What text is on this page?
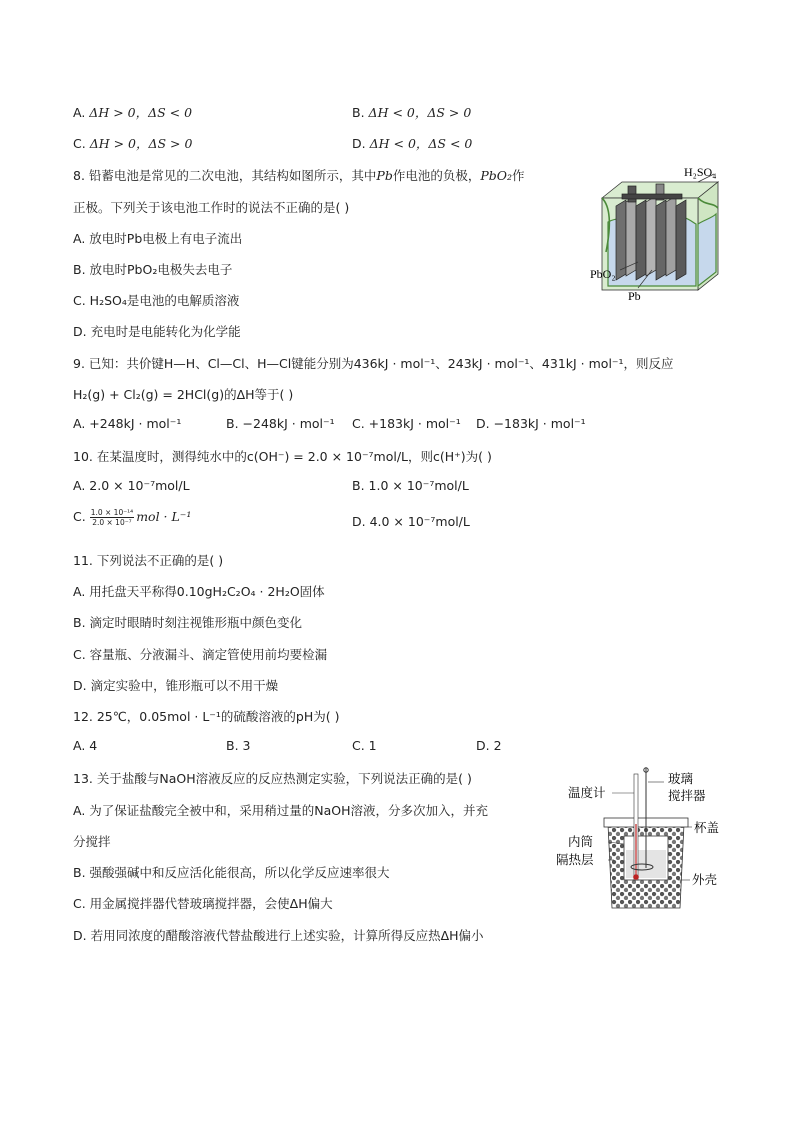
A. ΔH > 0，ΔS < 0	B. ΔH < 0，ΔS > 0
C. ΔH > 0，ΔS > 0	D. ΔH < 0，ΔS < 0
8. 铅蓄电池是常见的二次电池，其结构如图所示，其中Pb作电池的负极，PbO₂作
正极。下列关于该电池工作时的说法不正确的是( )
A. 放电时Pb电极上有电子流出
B. 放电时PbO₂电极失去电子
C. H₂SO₄是电池的电解质溶液
D. 充电时是电能转化为化学能
H₂SO₄
PbO₂
Pb
9. 已知：共价键H—H、Cl—Cl、H—Cl键能分别为436kJ · mol⁻¹、243kJ · mol⁻¹、431kJ · mol⁻¹，则反应
H₂(g) + Cl₂(g) = 2HCl(g)的ΔH等于( )
A. +248kJ · mol⁻¹	B. −248kJ · mol⁻¹ C. +183kJ · mol⁻¹ D. −183kJ · mol⁻¹
10. 在某温度时，测得纯水中的c(OH⁻) = 2.0 × 10⁻⁷mol/L，则c(H⁺)为( )
A. 2.0 × 10⁻⁷mol/L	B. 1.0 × 10⁻⁷mol/L
C. $\frac{\text{1.0 × 10⁻¹⁴}}{\text{2.0 × 10⁻⁷}}$ mol · L⁻¹	D. 4.0 × 10⁻⁷mol/L
11. 下列说法不正确的是( )
A. 用托盘天平称得0.10gH₂C₂O₄ · 2H₂O固体
B. 滴定时眼睛时刻注视锥形瓶中颜色变化
C. 容量瓶、分液漏斗、滴定管使用前均要检漏
D. 滴定实验中，锥形瓶可以不用干燥
12. 25℃，0.05mol · L⁻¹的硫酸溶液的pH为( )
A. 4	B. 3	C. 1	D. 2
13. 关于盐酸与NaOH溶液反应的反应热测定实验，下列说法正确的是( )
A. 为了保证盐酸完全被中和，采用稍过量的NaOH溶液，分多次加入，并充
分搅拌
B. 强酸强碱中和反应活化能很高，所以化学反应速率很大
C. 用金属搅拌器代替玻璃搅拌器，会使ΔH偏大
D. 若用同浓度的醋酸溶液代替盐酸进行上述实验，计算所得反应热ΔH偏小
温度计
玻璃
搅拌器
杯盖
内筒
隔热层
外壳
